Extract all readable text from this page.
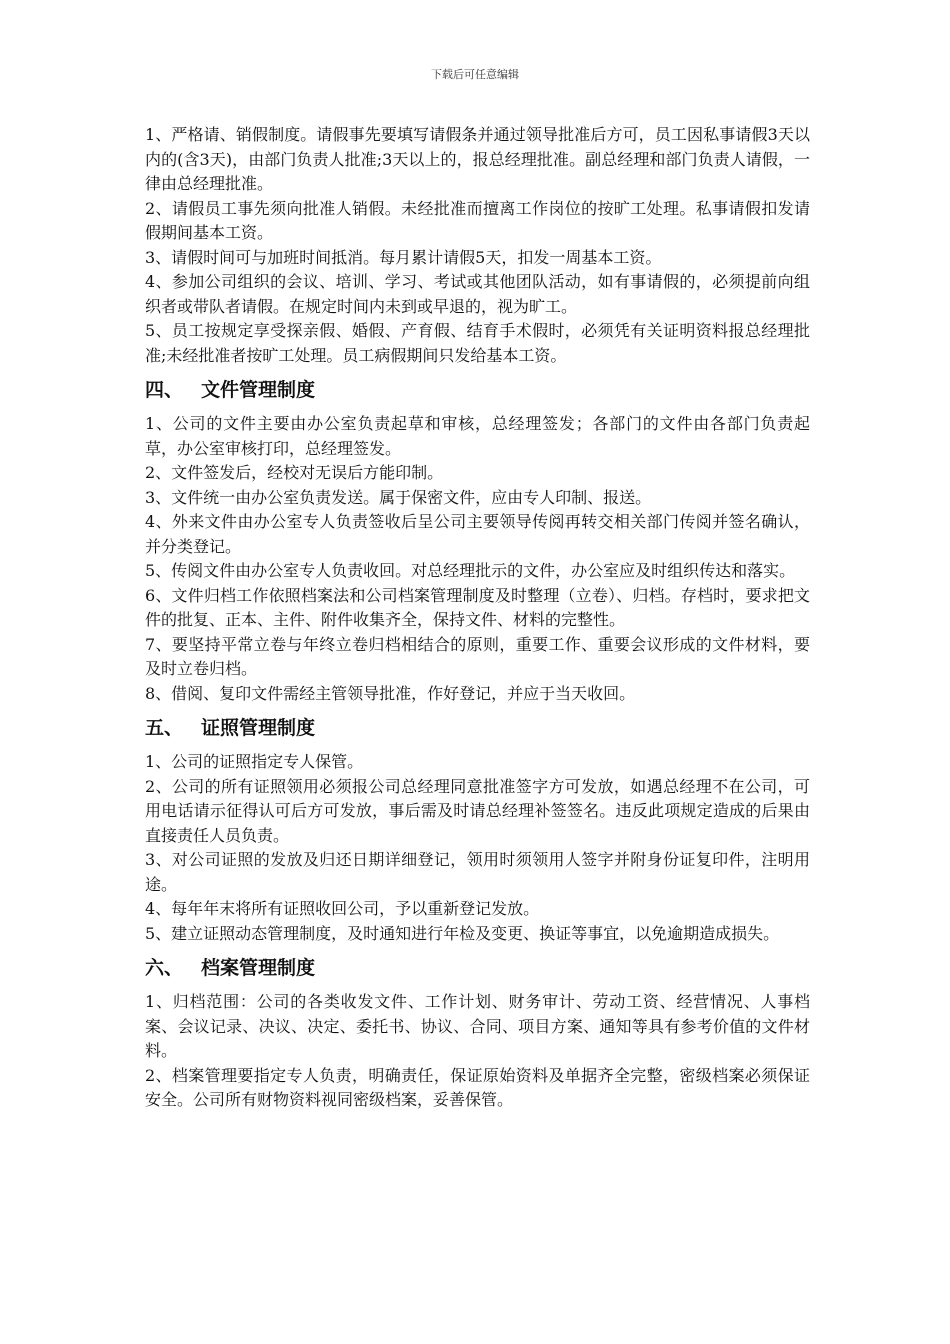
下载后可任意编辑

1、严格请、销假制度。请假事先要填写请假条并通过领导批准后方可，员工因私事请假3天以内的(含3天)，由部门负责人批准;3天以上的，报总经理批准。副总经理和部门负责人请假，一律由总经理批准。

2、请假员工事先须向批准人销假。未经批准而擅离工作岗位的按旷工处理。私事请假扣发请假期间基本工资。

3、请假时间可与加班时间抵消。每月累计请假5天，扣发一周基本工资。

4、参加公司组织的会议、培训、学习、考试或其他团队活动，如有事请假的，必须提前向组织者或带队者请假。在规定时间内未到或早退的，视为旷工。

5、员工按规定享受探亲假、婚假、产育假、结育手术假时，必须凭有关证明资料报总经理批准;未经批准者按旷工处理。员工病假期间只发给基本工资。

四、 文件管理制度

1、公司的文件主要由办公室负责起草和审核，总经理签发；各部门的文件由各部门负责起草，办公室审核打印，总经理签发。

2、文件签发后，经校对无误后方能印制。

3、文件统一由办公室负责发送。属于保密文件，应由专人印制、报送。

4、外来文件由办公室专人负责签收后呈公司主要领导传阅再转交相关部门传阅并签名确认，并分类登记。

5、传阅文件由办公室专人负责收回。对总经理批示的文件，办公室应及时组织传达和落实。

6、文件归档工作依照档案法和公司档案管理制度及时整理（立卷）、归档。存档时，要求把文件的批复、正本、主件、附件收集齐全，保持文件、材料的完整性。

7、要坚持平常立卷与年终立卷归档相结合的原则，重要工作、重要会议形成的文件材料，要及时立卷归档。

8、借阅、复印文件需经主管领导批准，作好登记，并应于当天收回。

五、 证照管理制度

1、公司的证照指定专人保管。

2、公司的所有证照领用必须报公司总经理同意批准签字方可发放，如遇总经理不在公司，可用电话请示征得认可后方可发放，事后需及时请总经理补签签名。违反此项规定造成的后果由直接责任人员负责。

3、对公司证照的发放及归还日期详细登记，领用时须领用人签字并附身份证复印件，注明用途。

4、每年年末将所有证照收回公司，予以重新登记发放。

5、建立证照动态管理制度，及时通知进行年检及变更、换证等事宜，以免逾期造成损失。

六、 档案管理制度

1、归档范围：公司的各类收发文件、工作计划、财务审计、劳动工资、经营情况、人事档案、会议记录、决议、决定、委托书、协议、合同、项目方案、通知等具有参考价值的文件材料。

2、档案管理要指定专人负责，明确责任，保证原始资料及单据齐全完整，密级档案必须保证安全。公司所有财物资料视同密级档案，妥善保管。
